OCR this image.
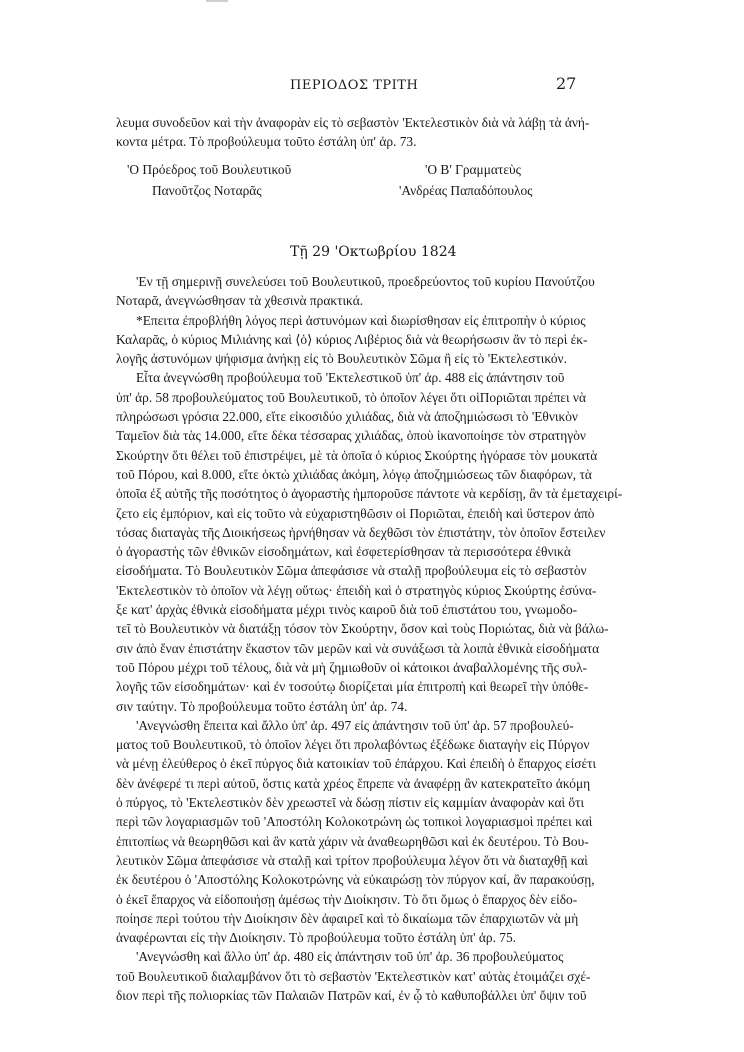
ΠΕΡΙΟΔΟΣ ΤΡΙΤΗ	27
λευμα συνοδεῦον καὶ τὴν ἀναφορὰν εἰς τὸ σεβαστὸν 'Εκτελεστικὸν διὰ νὰ λάβῃ τὰ ἀνή-
κοντα μέτρα. Τὸ προβούλευμα τοῦτο ἐστάλη ὑπ' ἀρ. 73.
'Ο Πρόεδρος τοῦ Βουλευτικοῦ
Πανοῦτζος Νοταρᾶς
'Ο Β' Γραμματεὺς
'Ανδρέας Παπαδόπουλος
Τῇ 29 'Οκτωβρίου 1824
'Εν τῇ σημερινῇ συνελεύσει τοῦ Βουλευτικοῦ, προεδρεύοντος τοῦ κυρίου Πανούτζου
Νοταρᾶ, ἀνεγνώσθησαν τὰ χθεσινὰ πρακτικά.
*Επειτα ἐπροβλήθη λόγος περὶ ἀστυνόμων καὶ διωρίσθησαν εἰς ἐπιτροπὴν ὁ κύριος
Καλαρᾶς, ὁ κύριος Μιλιάνης καὶ ⟨ὁ⟩ κύριος Λιβέριος διὰ νὰ θεωρήσωσιν ἂν τὸ περὶ ἐκ-
λογῆς ἀστυνόμων ψήφισμα ἀνήκῃ εἰς τὸ Βουλευτικὸν Σῶμα ἢ εἰς τὸ 'Εκτελεστικόν.
Εἶτα ἀνεγνώσθη προβούλευμα τοῦ 'Εκτελεστικοῦ ὑπ' ἀρ. 488 εἰς ἀπάντησιν τοῦ
ὑπ' ἀρ. 58 προβουλεύματος τοῦ Βουλευτικοῦ, τὸ ὁποῖον λέγει ὅτι οἱΠοριῶται πρέπει νὰ
πληρώσωσι γρόσια 22.000, εἴτε εἰκοσιδύο χιλιάδας, διὰ νὰ ἀποζημιώσωσι τὸ 'Εθνικὸν
Ταμεῖον διὰ τὰς 14.000, εἴτε δέκα τέσσαρας χιλιάδας, ὁποὺ ἱκανοποίησε τὸν στρατηγὸν
Σκούρτην ὅτι θέλει τοῦ ἐπιστρέψει, μὲ τὰ ὁποῖα ὁ κύριος Σκούρτης ἠγόρασε τὸν μουκατὰ
τοῦ Πόρου, καὶ 8.000, εἴτε ὀκτὼ χιλιάδας ἀκόμη, λόγῳ ἀποζημιώσεως τῶν διαφόρων, τὰ
ὁποῖα ἐξ αὐτῆς τῆς ποσότητος ὁ ἀγοραστὴς ἠμποροῦσε πάντοτε νὰ κερδίσῃ, ἂν τὰ ἐμεταχειρί-
ζετο εἰς ἐμπόριον, καὶ εἰς τοῦτο νὰ εὐχαριστηθῶσιν οἱ Ποριῶται, ἐπειδὴ καὶ ὕστερον ἀπὸ
τόσας διαταγὰς τῆς Διοικήσεως ἠρνήθησαν νὰ δεχθῶσι τὸν ἐπιστάτην, τὸν ὁποῖον ἔστειλεν
ὁ ἀγοραστὴς τῶν ἐθνικῶν εἰσοδημάτων, καὶ ἐσφετερίσθησαν τὰ περισσότερα ἐθνικὰ
εἰσοδήματα. Τὸ Βουλευτικὸν Σῶμα ἀπεφάσισε νὰ σταλῇ προβούλευμα εἰς τὸ σεβαστὸν
'Εκτελεστικὸν τὸ ὁποῖον νὰ λέγῃ οὕτως· ἐπειδὴ καὶ ὁ στρατηγὸς κύριος Σκούρτης ἐσύνα-
ξε κατ' ἀρχὰς ἐθνικὰ εἰσοδήματα μέχρι τινὸς καιροῦ διὰ τοῦ ἐπιστάτου του, γνωμοδο-
τεῖ τὸ Βουλευτικὸν νὰ διατάξῃ τόσον τὸν Σκούρτην, ὅσον καὶ τοὺς Ποριώτας, διὰ νὰ βάλω-
σιν ἀπὸ ἕναν ἐπιστάτην ἕκαστον τῶν μερῶν καὶ νὰ συνάξωσι τὰ λοιπὰ ἐθνικὰ εἰσοδήματα
τοῦ Πόρου μέχρι τοῦ τέλους, διὰ νὰ μὴ ζημιωθοῦν οἱ κάτοικοι ἀναβαλλομένης τῆς συλ-
λογῆς τῶν εἰσοδημάτων· καὶ ἐν τοσούτῳ διορίζεται μία ἐπιτροπὴ καὶ θεωρεῖ τὴν ὑπόθε-
σιν ταύτην. Τὸ προβούλευμα τοῦτο ἐστάλη ὑπ' ἀρ. 74.
'Ανεγνώσθη ἔπειτα καὶ ἄλλο ὑπ' ἀρ. 497 εἰς ἀπάντησιν τοῦ ὑπ' ἀρ. 57 προβουλεύ-
ματος τοῦ Βουλευτικοῦ, τὸ ὁποῖον λέγει ὅτι προλαβόντως ἐξέδωκε διαταγὴν εἰς Πύργον
νὰ μένῃ ἐλεύθερος ὁ ἐκεῖ πύργος διὰ κατοικίαν τοῦ ἐπάρχου. Καὶ ἐπειδὴ ὁ ἔπαρχος εἰσέτι
δὲν ἀνέφερέ τι περὶ αὐτοῦ, ὅστις κατὰ χρέος ἔπρεπε νὰ ἀναφέρῃ ἂν κατεκρατεῖτο ἀκόμη
ὁ πύργος, τὸ 'Εκτελεστικὸν δὲν χρεωστεῖ νὰ δώσῃ πίστιν εἰς καμμίαν ἀναφορὰν καὶ ὅτι
περὶ τῶν λογαριασμῶν τοῦ 'Αποστόλη Κολοκοτρώνη ὡς τοπικοὶ λογαριασμοὶ πρέπει καὶ
ἐπιτοπίως νὰ θεωρηθῶσι καὶ ἂν κατὰ χάριν νὰ ἀναθεωρηθῶσι καὶ ἐκ δευτέρου. Τὸ Βου-
λευτικὸν Σῶμα ἀπεφάσισε νὰ σταλῇ καὶ τρίτον προβούλευμα λέγον ὅτι νὰ διαταχθῇ καὶ
ἐκ δευτέρου ὁ 'Αποστόλης Κολοκοτρώνης νὰ εὐκαιρώσῃ τὸν πύργον καί, ἂν παρακούσῃ,
ὁ ἐκεῖ ἔπαρχος νὰ εἰδοποιήσῃ ἀμέσως τὴν Διοίκησιν. Τὸ ὅτι ὅμως ὁ ἔπαρχος δὲν εἰδο-
ποίησε περὶ τούτου τὴν Διοίκησιν δὲν ἀφαιρεῖ καὶ τὸ δικαίωμα τῶν ἐπαρχιωτῶν νὰ μὴ
ἀναφέρωνται εἰς τὴν Διοίκησιν. Τὸ προβούλευμα τοῦτο ἐστάλη ὑπ' ἀρ. 75.
'Ανεγνώσθη καὶ ἄλλο ὑπ' ἀρ. 480 εἰς ἀπάντησιν τοῦ ὑπ' ἀρ. 36 προβουλεύματος
τοῦ Βουλευτικοῦ διαλαμβάνον ὅτι τὸ σεβαστὸν 'Εκτελεστικὸν κατ' αὐτὰς ἑτοιμάζει σχέ-
διον περὶ τῆς πολιορκίας τῶν Παλαιῶν Πατρῶν καί, ἐν ᾧ τὸ καθυποβάλλει ὑπ' ὄψιν τοῦ
